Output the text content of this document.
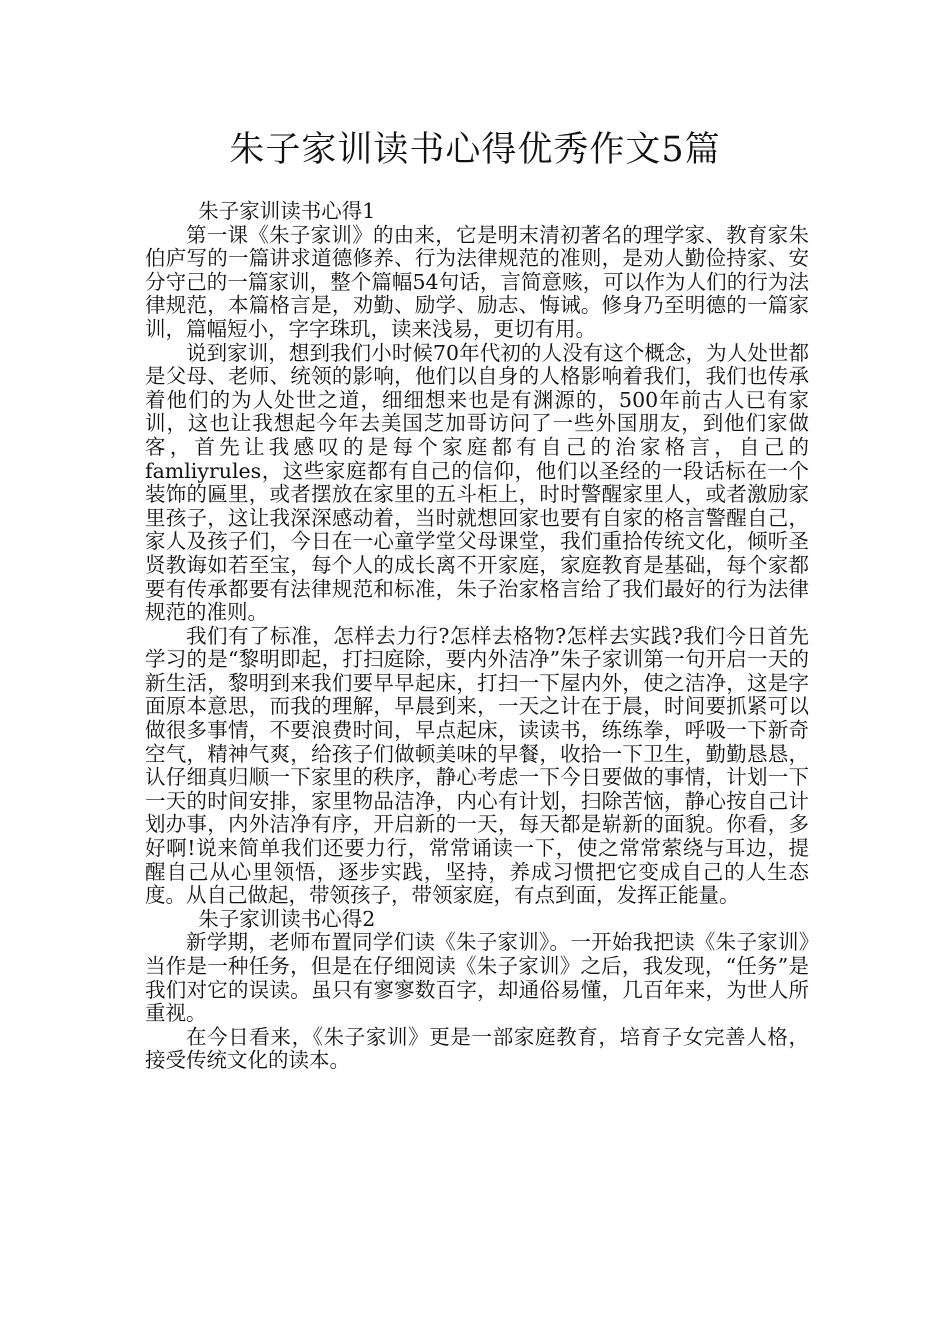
朱子家训读书心得优秀作文5篇

朱子家训读书心得1

第一课《朱子家训》的由来，它是明末清初著名的理学家、教育家朱伯庐写的一篇讲求道德修养、行为法律规范的准则，是劝人勤俭持家、安分守己的一篇家训，整个篇幅54句话，言简意赅，可以作为人们的行为法律规范，本篇格言是，劝勤、励学、励志、悔诫。修身乃至明德的一篇家训，篇幅短小，字字珠玑，读来浅易，更切有用。

说到家训，想到我们小时候70年代初的人没有这个概念，为人处世都是父母、老师、统领的影响，他们以自身的人格影响着我们，我们也传承着他们的为人处世之道，细细想来也是有渊源的，500年前古人已有家训，这也让我想起今年去美国芝加哥访问了一些外国朋友，到他们家做客，首先让我感叹的是每个家庭都有自己的治家格言，自己的famliyrules，这些家庭都有自己的信仰，他们以圣经的一段话标在一个装饰的匾里，或者摆放在家里的五斗柜上，时时警醒家里人，或者激励家里孩子，这让我深深感动着，当时就想回家也要有自家的格言警醒自己，家人及孩子们，今日在一心童学堂父母课堂，我们重拾传统文化，倾听圣贤教诲如若至宝，每个人的成长离不开家庭，家庭教育是基础，每个家都要有传承都要有法律规范和标准，朱子治家格言给了我们最好的行为法律规范的准则。

我们有了标准，怎样去力行?怎样去格物?怎样去实践?我们今日首先学习的是“黎明即起，打扫庭除，要内外洁净”朱子家训第一句开启一天的新生活，黎明到来我们要早早起床，打扫一下屋内外，使之洁净，这是字面原本意思，而我的理解，早晨到来，一天之计在于晨，时间要抓紧可以做很多事情，不要浪费时间，早点起床，读读书，练练拳，呼吸一下新奇空气，精神气爽，给孩子们做顿美味的早餐，收拾一下卫生，勤勤恳恳，认仔细真归顺一下家里的秩序，静心考虑一下今日要做的事情，计划一下一天的时间安排，家里物品洁净，内心有计划，扫除苦恼，静心按自己计划办事，内外洁净有序，开启新的一天，每天都是崭新的面貌。你看，多好啊!说来简单我们还要力行，常常诵读一下，使之常常萦绕与耳边，提醒自己从心里领悟，逐步实践，坚持，养成习惯把它变成自己的人生态度。从自己做起，带领孩子，带领家庭，有点到面，发挥正能量。

朱子家训读书心得2

新学期，老师布置同学们读《朱子家训》。一开始我把读《朱子家训》当作是一种任务，但是在仔细阅读《朱子家训》之后，我发现，“任务”是我们对它的误读。虽只有寥寥数百字，却通俗易懂，几百年来，为世人所重视。

在今日看来，《朱子家训》更是一部家庭教育，培育子女完善人格，接受传统文化的读本。
